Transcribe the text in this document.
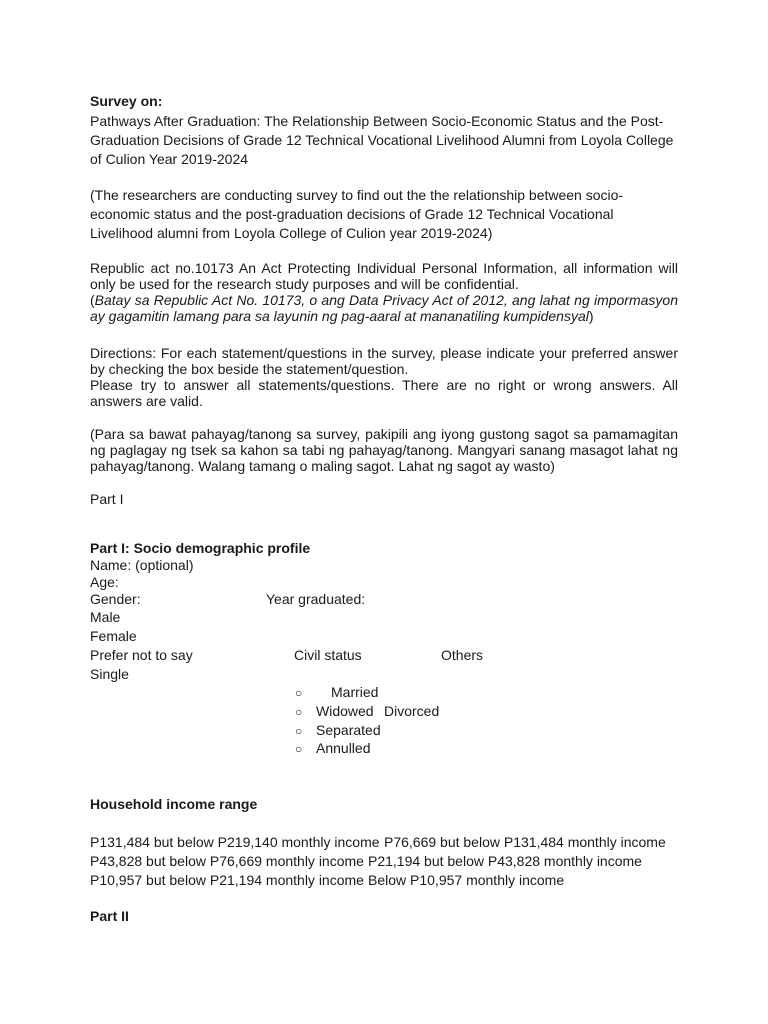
Survey on:
Pathways After Graduation: The Relationship Between Socio-Economic Status and the Post-Graduation Decisions of Grade 12 Technical Vocational Livelihood Alumni from Loyola College of Culion Year 2019-2024
(The researchers are conducting survey to find out the the relationship between socio-economic status and the post-graduation decisions of Grade 12 Technical Vocational Livelihood alumni from Loyola College of Culion year 2019-2024)
Republic act no.10173 An Act Protecting Individual Personal Information, all information will only be used for the research study purposes and will be confidential.
(Batay sa Republic Act No. 10173, o ang Data Privacy Act of 2012, ang lahat ng impormasyon ay gagamitin lamang para sa layunin ng pag-aaral at mananatiling kumpidensyal)
Directions: For each statement/questions in the survey, please indicate your preferred answer by checking the box beside the statement/question.
Please try to answer all statements/questions. There are no right or wrong answers. All answers are valid.
(Para sa bawat pahayag/tanong sa survey, pakipili ang iyong gustong sagot sa pamamagitan ng paglagay ng tsek sa kahon sa tabi ng pahayag/tanong. Mangyari sanang masagot lahat ng pahayag/tanong. Walang tamang o maling sagot. Lahat ng sagot ay wasto)
Part I
Part I: Socio demographic profile
Name: (optional)
Age:
Gender:	Year graduated:
Male
Female
Prefer not to say	Civil status	Others
Single
○ Married
○ Widowed Divorced
○ Separated
○ Annulled
Household income range
P131,484 but below P219,140 monthly income P76,669 but below P131,484 monthly income
P43,828 but below P76,669 monthly income P21,194 but below P43,828 monthly income
P10,957 but below P21,194 monthly income Below P10,957 monthly income
Part II
